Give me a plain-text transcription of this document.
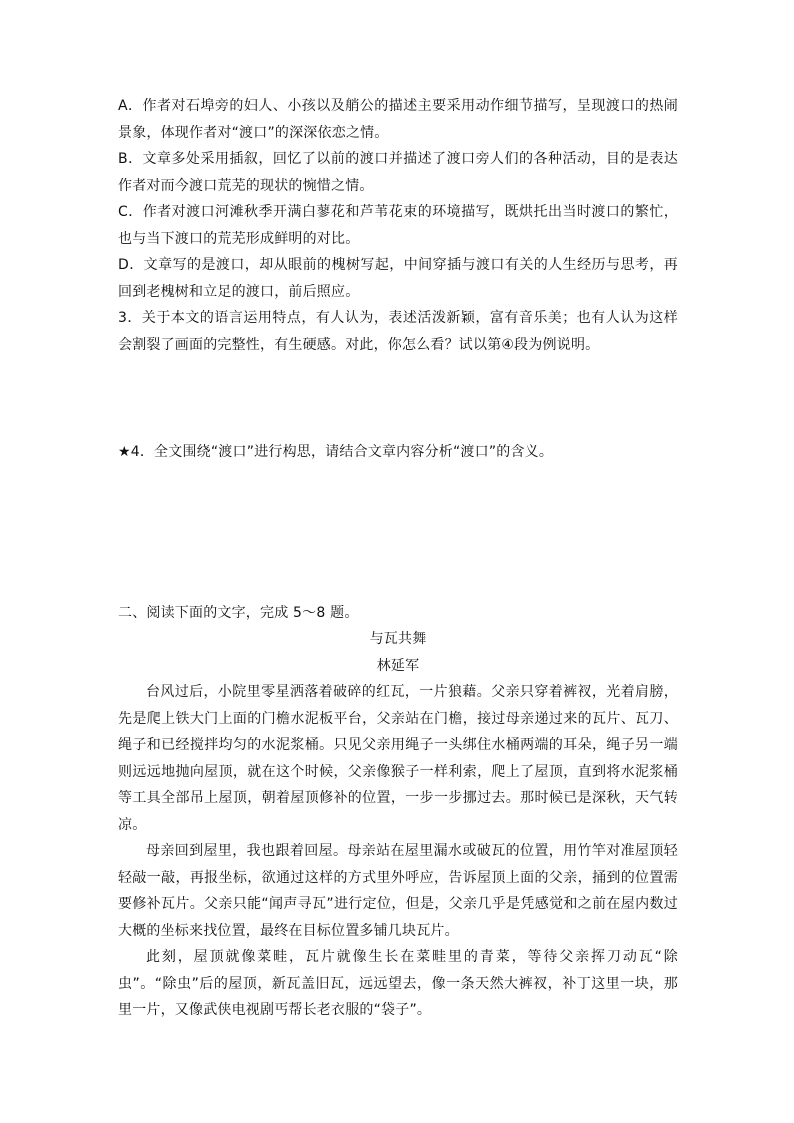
A．作者对石埠旁的妇人、小孩以及艄公的描述主要采用动作细节描写，呈现渡口的热闹景象，体现作者对“渡口”的深深依恋之情。

B．文章多处采用插叙，回忆了以前的渡口并描述了渡口旁人们的各种活动，目的是表达作者对而今渡口荒芜的现状的惋惜之情。

C．作者对渡口河滩秋季开满白蓼花和芦苇花束的环境描写，既烘托出当时渡口的繁忙，也与当下渡口的荒芜形成鲜明的对比。

D．文章写的是渡口，却从眼前的槐树写起，中间穿插与渡口有关的人生经历与思考，再回到老槐树和立足的渡口，前后照应。

3．关于本文的语言运用特点，有人认为，表述活泼新颖，富有音乐美；也有人认为这样会割裂了画面的完整性，有生硬感。对此，你怎么看？试以第④段为例说明。

★4．全文围绕“渡口”进行构思，请结合文章内容分析“渡口”的含义。

二、阅读下面的文字，完成 5～8 题。

与瓦共舞

林延军

台风过后，小院里零星洒落着破碎的红瓦，一片狼藉。父亲只穿着裤衩，光着肩膀，先是爬上铁大门上面的门檐水泥板平台，父亲站在门檐，接过母亲递过来的瓦片、瓦刀、绳子和已经搅拌均匀的水泥浆桶。只见父亲用绳子一头绑住水桶两端的耳朵，绳子另一端则远远地抛向屋顶，就在这个时候，父亲像猴子一样利索，爬上了屋顶，直到将水泥浆桶等工具全部吊上屋顶，朝着屋顶修补的位置，一步一步挪过去。那时候已是深秋，天气转凉。

母亲回到屋里，我也跟着回屋。母亲站在屋里漏水或破瓦的位置，用竹竿对准屋顶轻轻敲一敲，再报坐标，欲通过这样的方式里外呼应，告诉屋顶上面的父亲，捅到的位置需要修补瓦片。父亲只能“闻声寻瓦”进行定位，但是，父亲几乎是凭感觉和之前在屋内数过大概的坐标来找位置，最终在目标位置多铺几块瓦片。

此刻，屋顶就像菜畦，瓦片就像生长在菜畦里的青菜，等待父亲挥刀动瓦“除虫”。“除虫”后的屋顶，新瓦盖旧瓦，远远望去，像一条天然大裤衩，补丁这里一块，那里一片，又像武侠电视剧丐帮长老衣服的“袋子”。
